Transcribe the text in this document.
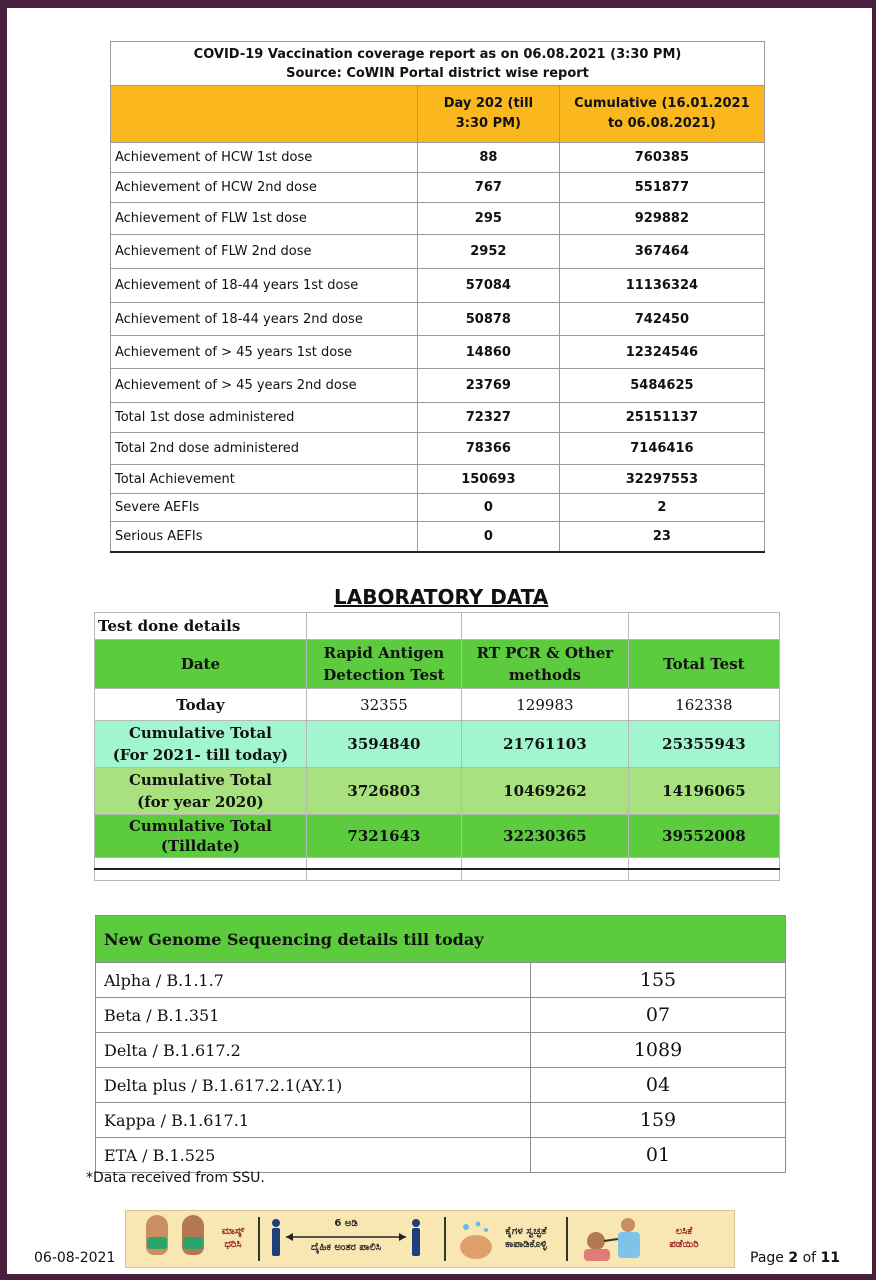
COVID-19 Vaccination coverage report as on 06.08.2021 (3:30 PM)
Source: CoWIN Portal district wise report		

	Day 202 (till 3:30 PM)	Cumulative (16.01.2021 to 06.08.2021)
Achievement of HCW 1st dose	88	760385
Achievement of HCW 2nd dose	767	551877
Achievement of FLW 1st dose	295	929882
Achievement of FLW 2nd dose	2952	367464
Achievement of 18-44 years 1st dose	57084	11136324
Achievement of 18-44 years 2nd dose	50878	742450
Achievement of > 45 years 1st dose	14860	12324546
Achievement of > 45 years 2nd dose	23769	5484625
Total 1st dose administered	72327	25151137
Total 2nd dose administered	78366	7146416
Total Achievement	150693	32297553
Severe AEFIs	0	2
Serious AEFIs	0	23
LABORATORY DATA
Test done details			
Date	Rapid Antigen Detection Test	RT PCR & Other methods	Total Test
Today	32355	129983	162338

Cumulative Total
(For 2021- till today)	3594840	21761103	25355943

Cumulative Total
(for year 2020)	3726803	10469262	14196065

Cumulative Total
(Tilldate)	7321643	32230365	39552008

New Genome Sequencing details till today	
Alpha / B.1.1.7	155
Beta / B.1.351	07
Delta / B.1.617.2	1089
Delta plus / B.1.617.2.1(AY.1)	04
Kappa / B.1.617.1	159
ETA / B.1.525	01
*Data received from SSU.
ಮಾಸ್ಕ್ ಧರಿಸಿ
6 ಅಡಿ
ದೈಹಿಕ ಅಂತರ ಪಾಲಿಸಿ
ಕೈಗಳ ಸ್ವಚ್ಛತೆ ಕಾಪಾಡಿಕೊಳ್ಳಿ
ಲಸಿಕೆ ಪಡೆಯಿರಿ
06-08-2021	Page 2 of 11
